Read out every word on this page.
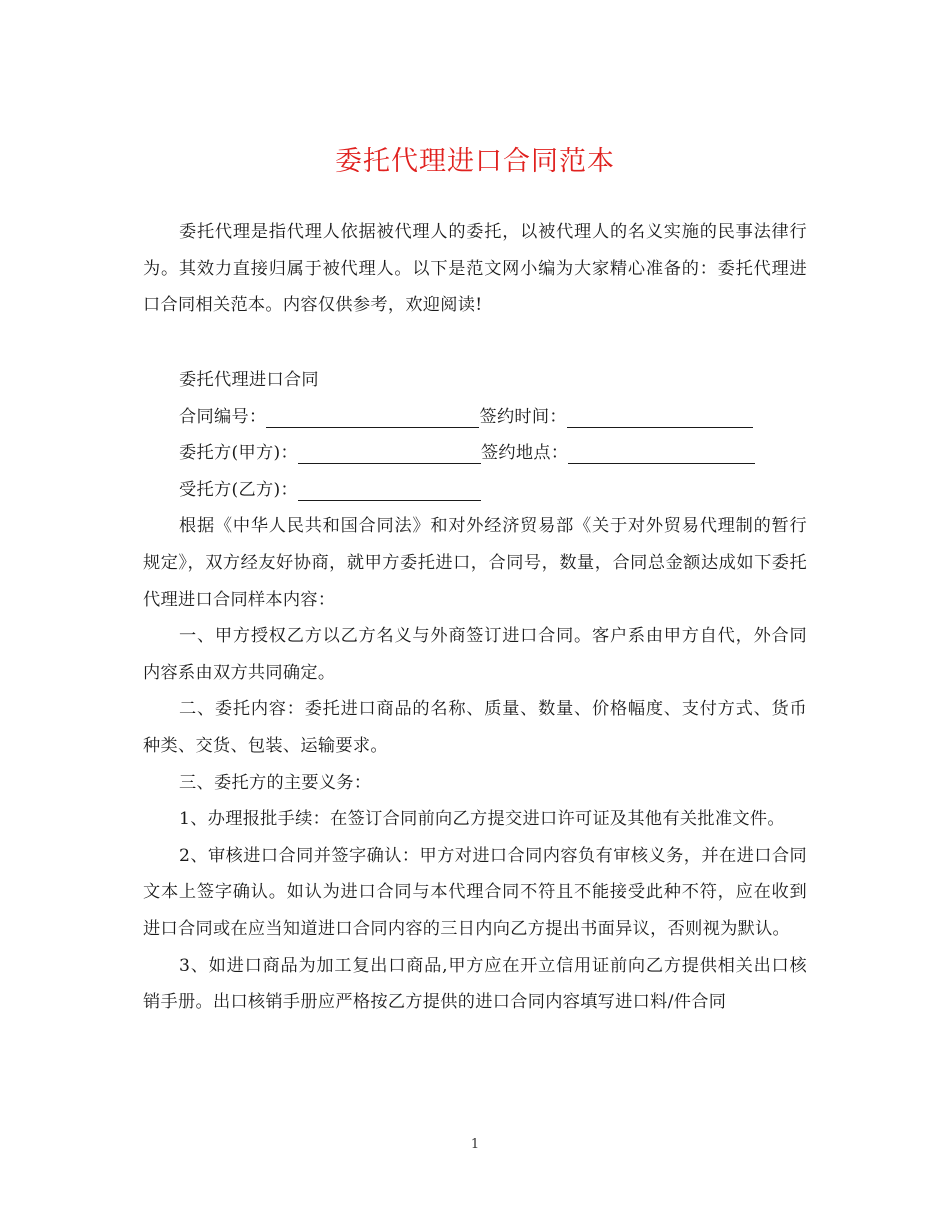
委托代理进口合同范本
委托代理是指代理人依据被代理人的委托，以被代理人的名义实施的民事法律行为。其效力直接归属于被代理人。以下是范文网小编为大家精心准备的：委托代理进口合同相关范本。内容仅供参考，欢迎阅读!

委托代理进口合同

合同编号：	签约时间：

委托方(甲方)：	签约地点：

受托方(乙方)：

根据《中华人民共和国合同法》和对外经济贸易部《关于对外贸易代理制的暂行规定》，双方经友好协商，就甲方委托进口，合同号，数量，合同总金额达成如下委托代理进口合同样本内容：

一、甲方授权乙方以乙方名义与外商签订进口合同。客户系由甲方自代，外合同内容系由双方共同确定。

二、委托内容：委托进口商品的名称、质量、数量、价格幅度、支付方式、货币种类、交货、包装、运输要求。

三、委托方的主要义务：

1、办理报批手续：在签订合同前向乙方提交进口许可证及其他有关批准文件。

2、审核进口合同并签字确认：甲方对进口合同内容负有审核义务，并在进口合同文本上签字确认。如认为进口合同与本代理合同不符且不能接受此种不符，应在收到进口合同或在应当知道进口合同内容的三日内向乙方提出书面异议，否则视为默认。

3、如进口商品为加工复出口商品,甲方应在开立信用证前向乙方提供相关出口核销手册。出口核销手册应严格按乙方提供的进口合同内容填写进口料/件合同

1
